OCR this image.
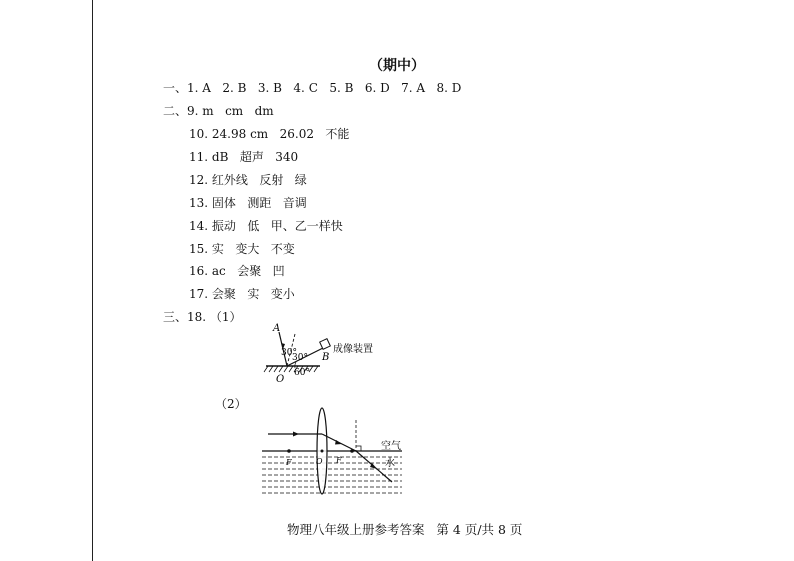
（期中）
一、1. A   2. B   3. B   4. C   5. B   6. D   7. A   8. D
二、9. m   cm   dm
10. 24.98 cm   26.02   不能
11. dB   超声   340
12. 红外线   反射   绿
13. 固体   测距   音调
14. 振动   低   甲、乙一样快
15. 实   变大   不变
16. ac   会聚   凹
17. 会聚   实   变小
三、18. （1）
A
B
O
30°
30°
60°
成像装置
（2）
空气
水
F	O F
物理八年级上册参考答案   第 4 页/共 8 页
